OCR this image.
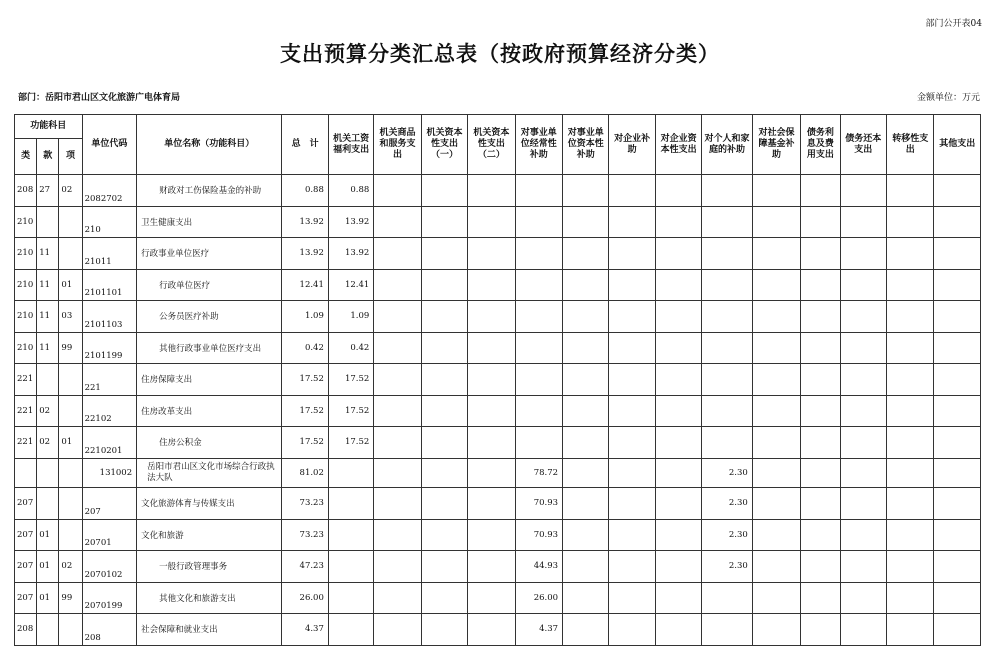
部门公开表04
支出预算分类汇总表（按政府预算经济分类）
部门：岳阳市君山区文化旅游广电体育局	金额单位：万元
功能科目			单位代码	单位名称（功能科目）	总　计	机关工资福利支出	机关商品和服务支出	机关资本性支出（一）	机关资本性支出（二）	对事业单位经常性补助	对事业单位资本性补助	对企业补助	对企业资本性支出	对个人和家庭的补助	对社会保障基金补助	债务利息及费用支出	债务还本支出	转移性支出	其他支出
类	款	项																	
208	27	02	2082702	财政对工伤保险基金的补助	0.88	0.88													
210			210	卫生健康支出	13.92	13.92													
210	11		21011	行政事业单位医疗	13.92	13.92													
210	11	01	2101101	行政单位医疗	12.41	12.41													
210	11	03	2101103	公务员医疗补助	1.09	1.09													
210	11	99	2101199	其他行政事业单位医疗支出	0.42	0.42													
221			221	住房保障支出	17.52	17.52													
221	02		22102	住房改革支出	17.52	17.52													
221	02	01	2210201	住房公积金	17.52	17.52													
			131002	岳阳市君山区文化市场综合行政执法大队	81.02					78.72				2.30					
207			207	文化旅游体育与传媒支出	73.23					70.93				2.30					
207	01		20701	文化和旅游	73.23					70.93				2.30					
207	01	02	2070102	一般行政管理事务	47.23					44.93				2.30					
207	01	99	2070199	其他文化和旅游支出	26.00					26.00									
208			208	社会保障和就业支出	4.37					4.37									
